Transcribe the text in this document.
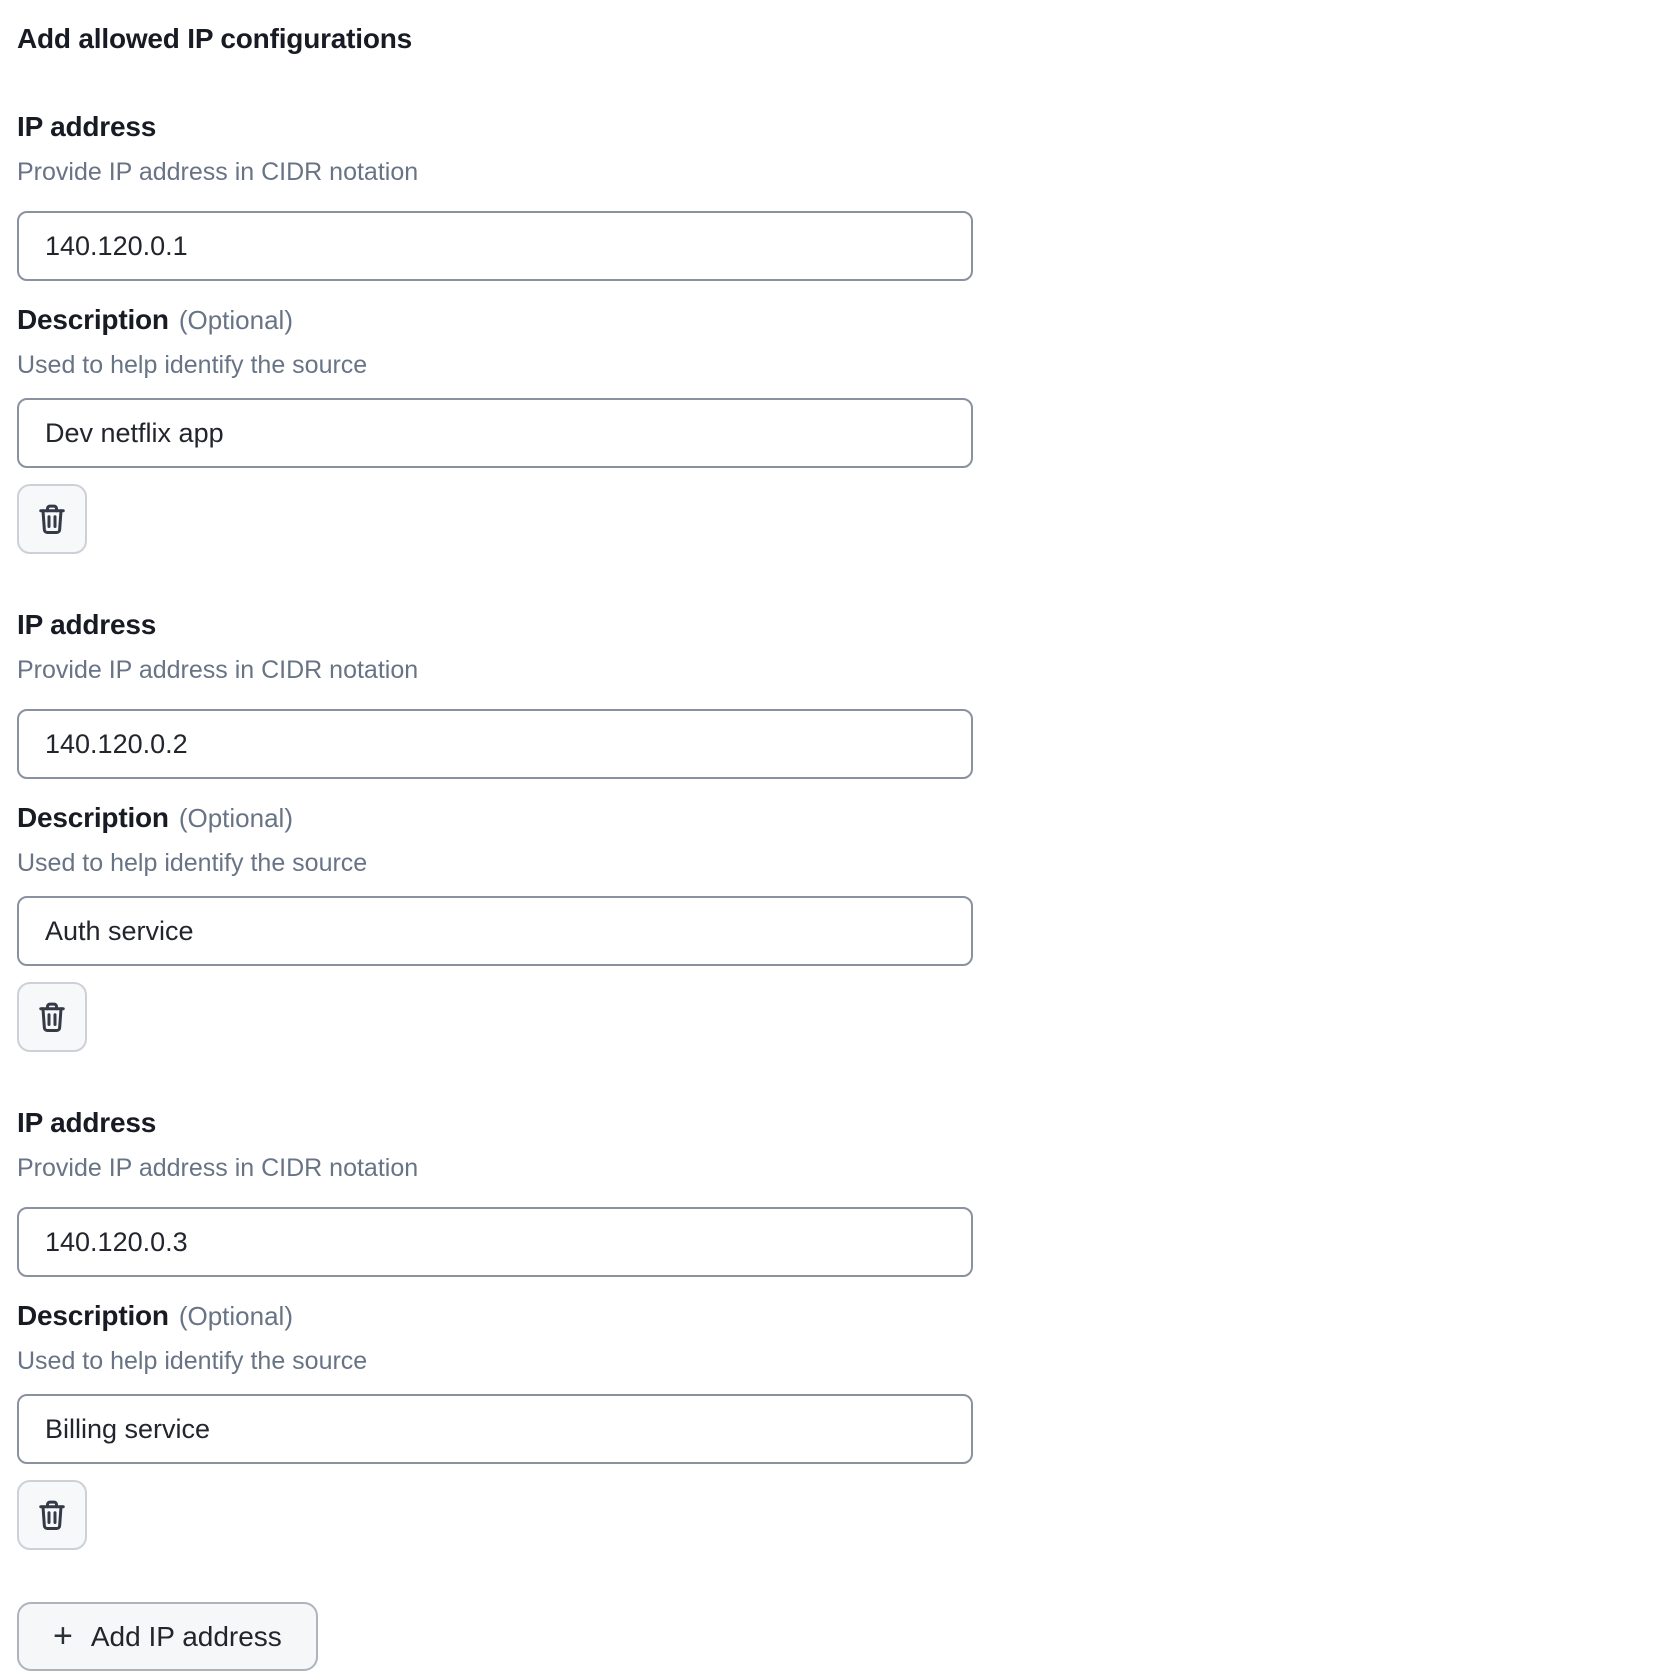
Add allowed IP configurations
IP address
Provide IP address in CIDR notation
140.120.0.1
Description (Optional)
Used to help identify the source
Dev netflix app
IP address
Provide IP address in CIDR notation
140.120.0.2
Description (Optional)
Used to help identify the source
Auth service
IP address
Provide IP address in CIDR notation
140.120.0.3
Description (Optional)
Used to help identify the source
Billing service
+ Add IP address
